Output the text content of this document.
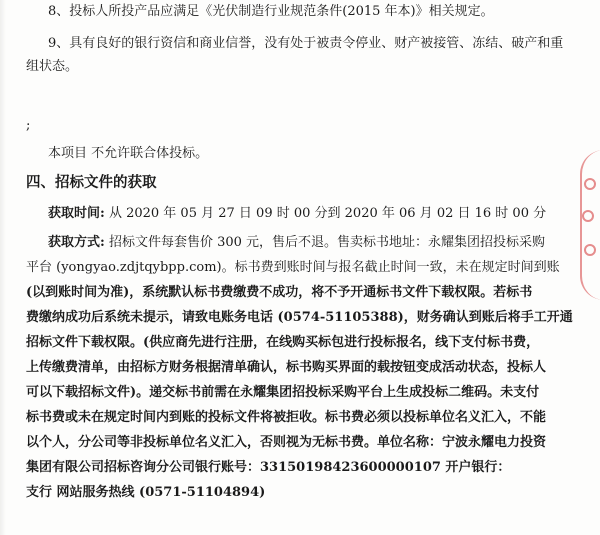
8、投标人所投产品应满足《光伏制造行业规范条件(2015 年本)》相关规定。
9、具有良好的银行资信和商业信誉，没有处于被责令停业、财产被接管、冻结、破产和重
组状态。
;
本项目 不允许联合体投标。
四、招标文件的获取
获取时间: 从 2020 年 05 月 27 日 09 时 00 分到 2020 年 06 月 02 日 16 时 00 分
获取方式: 招标文件每套售价 300 元，售后不退。售卖标书地址：永耀集团招投标采购
平台 (yongyao.zdjtqybpp.com)。标书费到账时间与报名截止时间一致，未在规定时间到账
(以到账时间为准)，系统默认标书费缴费不成功，将不予开通标书文件下载权限。若标书
费缴纳成功后系统未提示，请致电账务电话 (0574-51105388)，财务确认到账后将手工开通
招标文件下载权限。(供应商先进行注册，在线购买标包进行投标报名，线下支付标书费，
上传缴费清单，由招标方财务根据清单确认，标书购买界面的载按钮变成活动状态，投标人
可以下载招标文件)。递交标书前需在永耀集团招投标采购平台上生成投标二维码。未支付
标书费或未在规定时间内到账的投标文件将被拒收。标书费必须以投标单位名义汇入，不能
以个人，分公司等非投标单位名义汇入，否则视为无标书费。单位名称：宁波永耀电力投资
集团有限公司招标咨询分公司银行账号：33150198423600000107 开户银行：
支行 网站服务热线 (0571-51104894)
